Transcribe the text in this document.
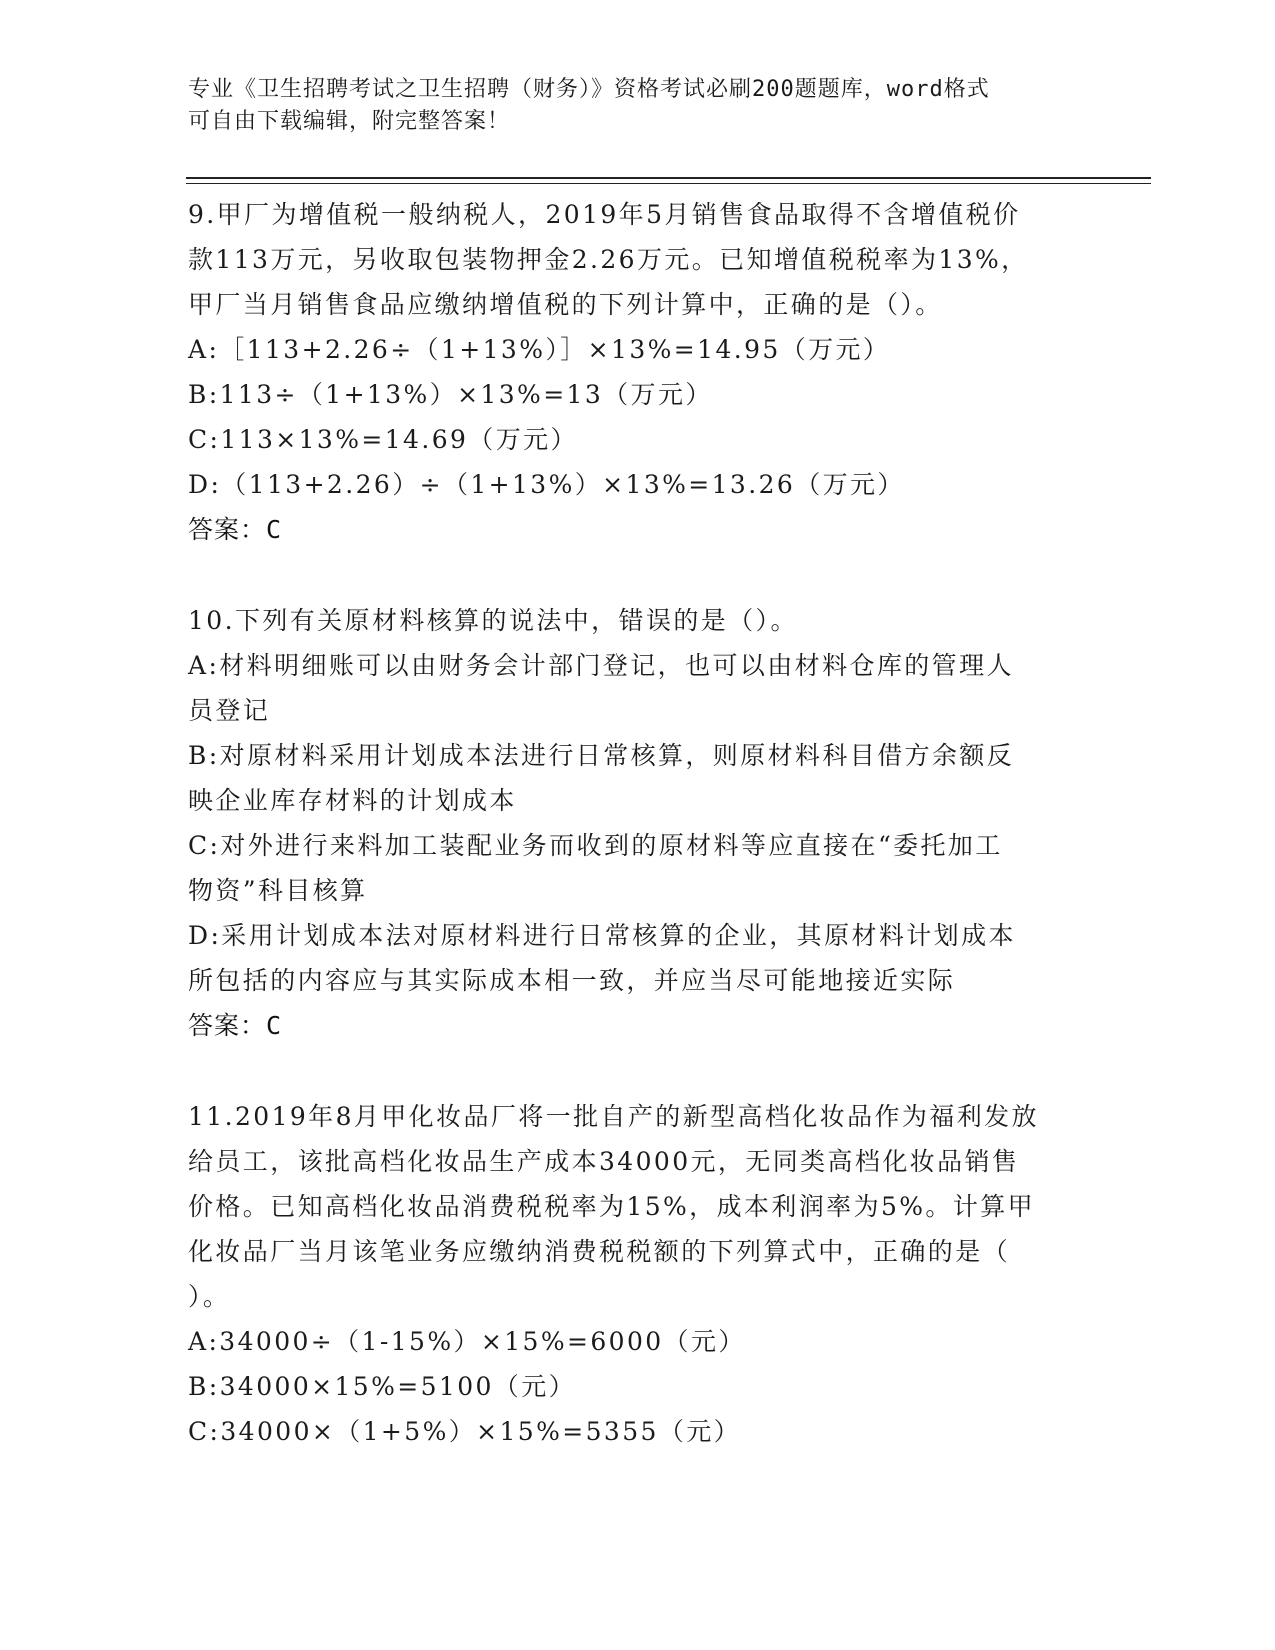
专业《卫生招聘考试之卫生招聘（财务）》资格考试必刷200题题库，word格式
可自由下载编辑，附完整答案！
9.甲厂为增值税一般纳税人，2019年5月销售食品取得不含增值税价
款113万元，另收取包装物押金2.26万元。已知增值税税率为13%，
甲厂当月销售食品应缴纳增值税的下列计算中，正确的是（）。
A:［113+2.26÷（1+13%）］×13%=14.95（万元）
B:113÷（1+13%）×13%=13（万元）
C:113×13%=14.69（万元）
D:（113+2.26）÷（1+13%）×13%=13.26（万元）
答案：C
10.下列有关原材料核算的说法中，错误的是（）。
A:材料明细账可以由财务会计部门登记，也可以由材料仓库的管理人
员登记
B:对原材料采用计划成本法进行日常核算，则原材料科目借方余额反
映企业库存材料的计划成本
C:对外进行来料加工装配业务而收到的原材料等应直接在“委托加工
物资”科目核算
D:采用计划成本法对原材料进行日常核算的企业，其原材料计划成本
所包括的内容应与其实际成本相一致，并应当尽可能地接近实际
答案：C
11.2019年8月甲化妆品厂将一批自产的新型高档化妆品作为福利发放
给员工，该批高档化妆品生产成本34000元，无同类高档化妆品销售
价格。已知高档化妆品消费税税率为15%，成本利润率为5%。计算甲
化妆品厂当月该笔业务应缴纳消费税税额的下列算式中，正确的是（
）。
A:34000÷（1-15%）×15%=6000（元）
B:34000×15%=5100（元）
C:34000×（1+5%）×15%=5355（元）
